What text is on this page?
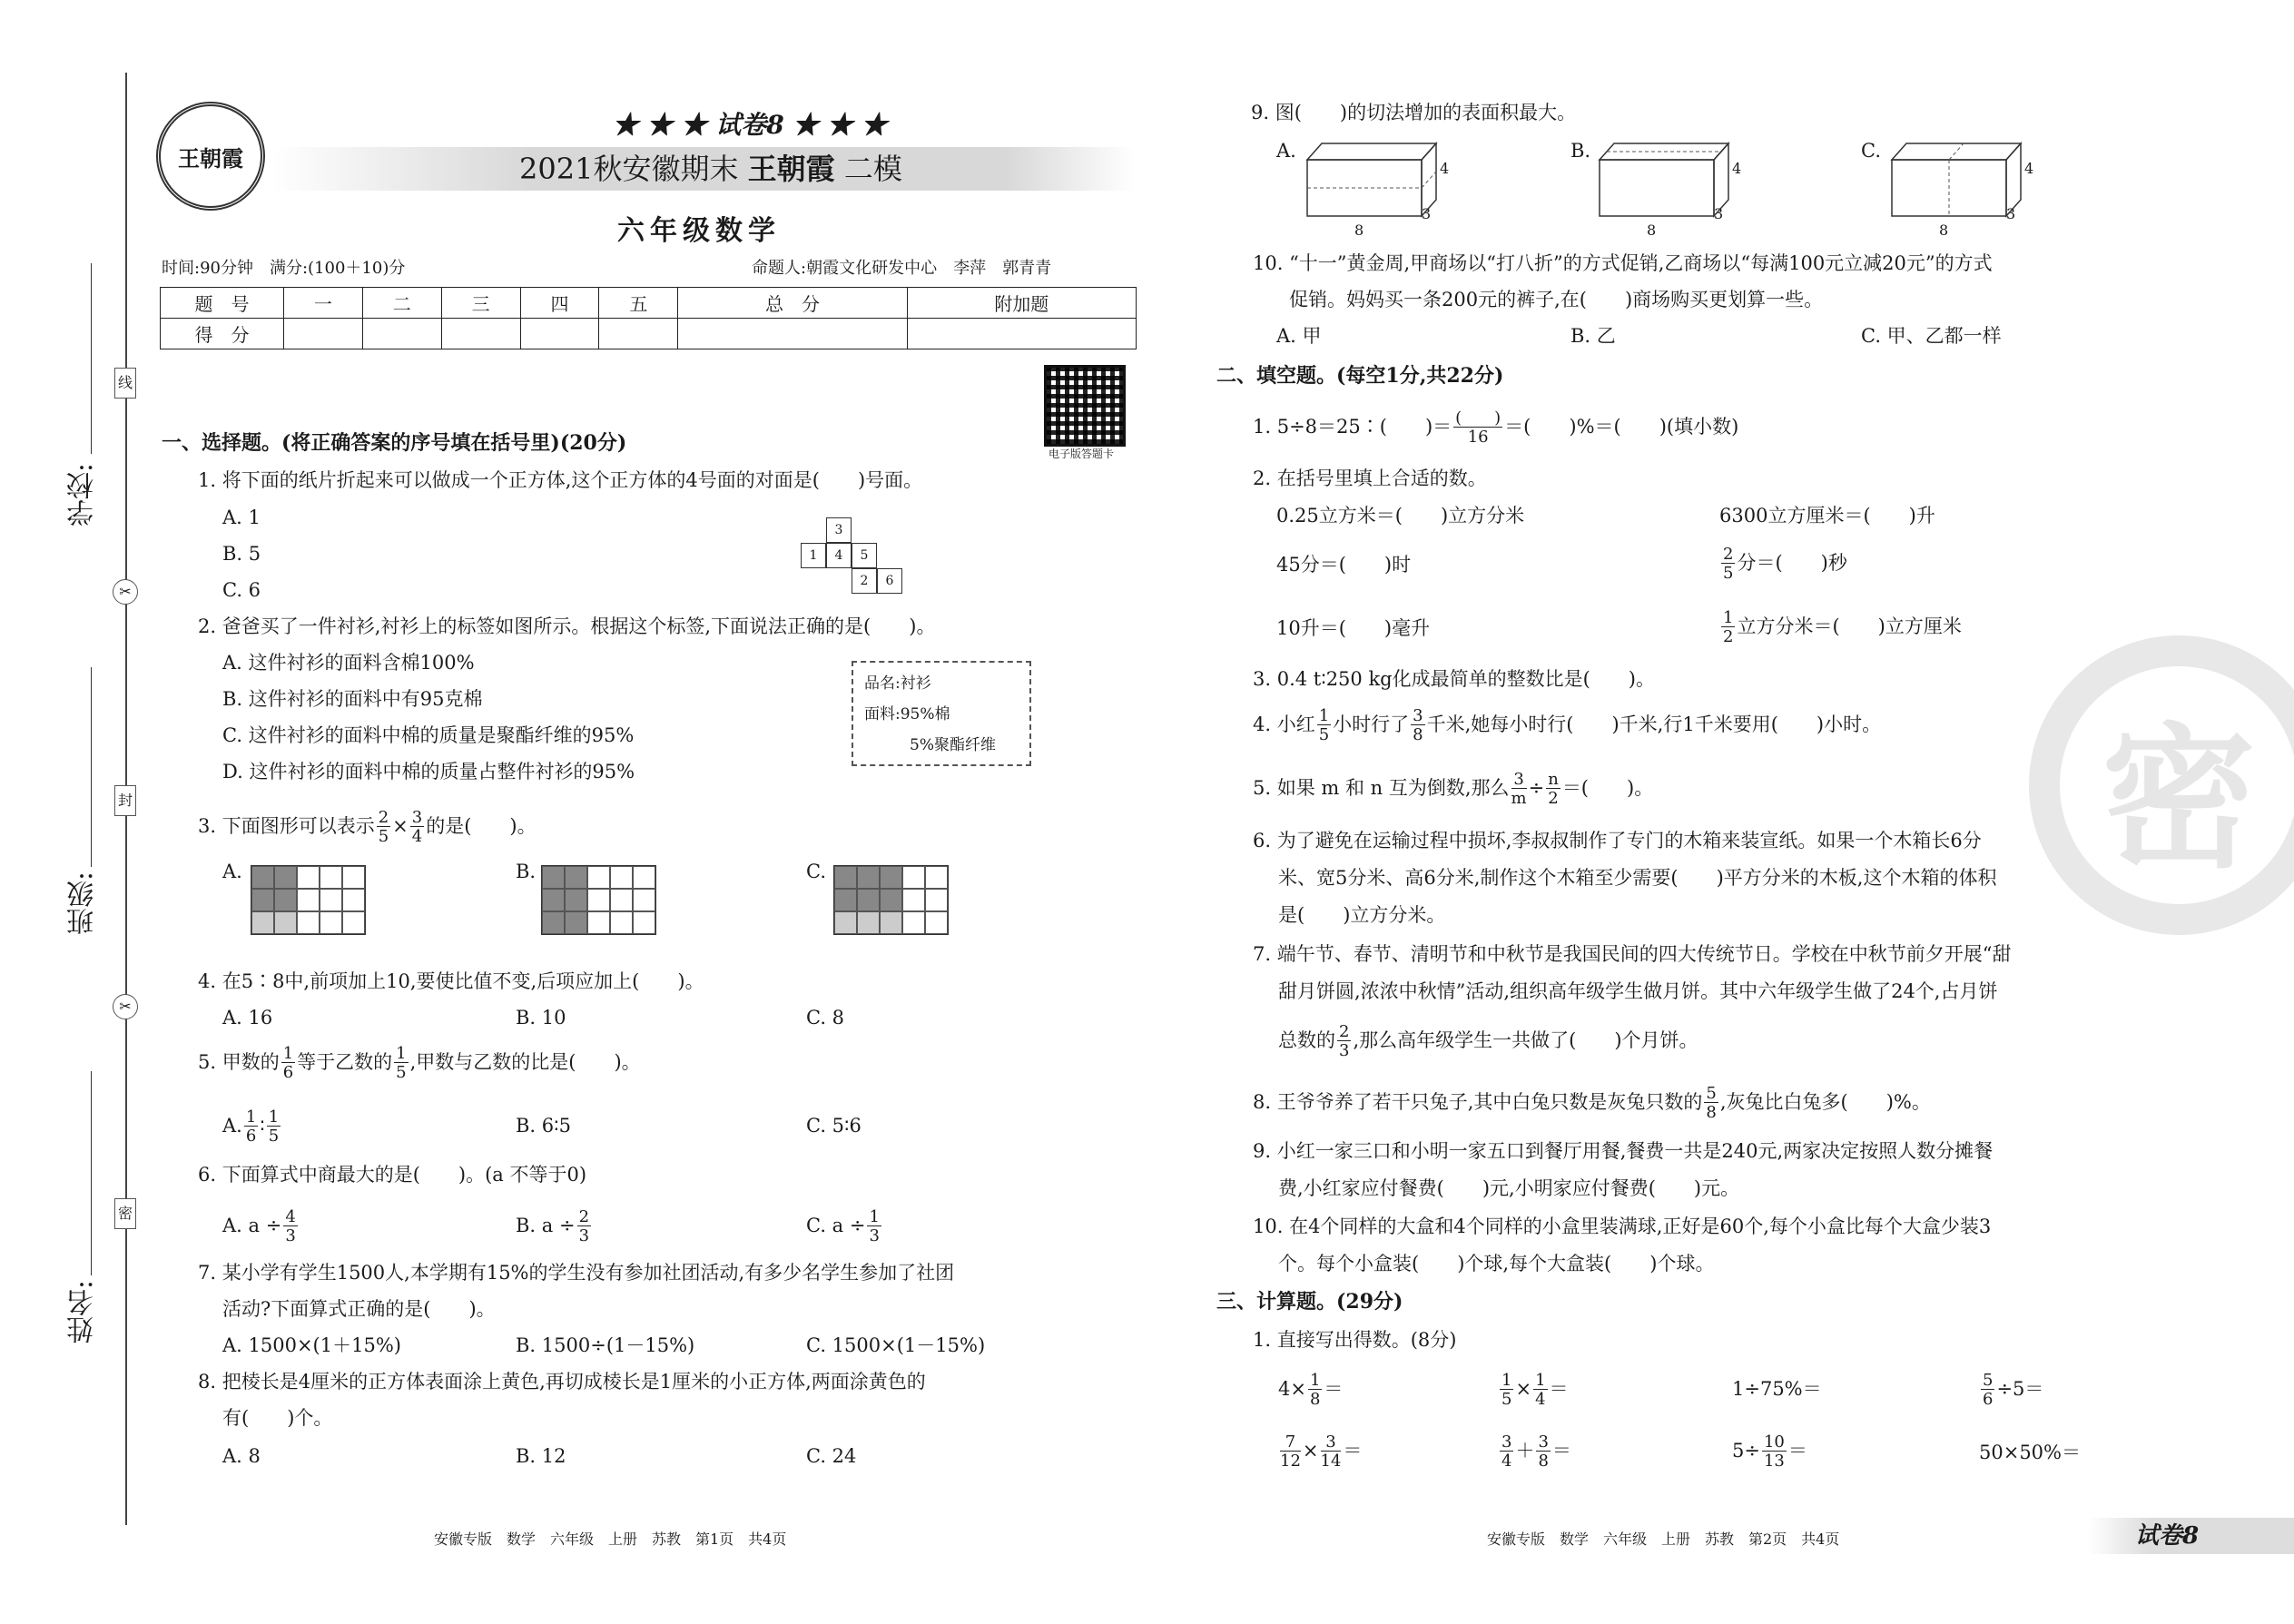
线
封
密
✂
✂
学校:
班级:
姓名:
王朝霞
★ ★ ★ 试卷8 ★ ★ ★
2021秋安徽期末 王朝霞 二模
六年级数学
时间:90分钟　满分:(100＋10)分	命题人:朝霞文化研发中心　李萍　郭青青
题　号	一	二	三	四	五	总　分	附加题
得　分							
电子版答题卡
一、选择题。(将正确答案的序号填在括号里)(20分)
1. 将下面的纸片折起来可以做成一个正方体,这个正方体的4号面的对面是(　　)号面。
A. 1
B. 5
C. 6
3
1	4	5
2	6
2. 爸爸买了一件衬衫,衬衫上的标签如图所示。根据这个标签,下面说法正确的是(　　)。
A. 这件衬衫的面料含棉100%
B. 这件衬衫的面料中有95克棉
C. 这件衬衫的面料中棉的质量是聚酯纤维的95%
D. 这件衬衫的面料中棉的质量占整件衬衫的95%
品名:衬衫
面料:95%棉
5%聚酯纤维
3. 下面图形可以表示 $\frac{2}{5} \times \frac{3}{4}$ 的是(　　)。
A.	B.	C.
4. 在5∶8中,前项加上10,要使比值不变,后项应加上(　　)。
A. 16	B. 10	C. 8
5. 甲数的 $\frac{1}{6}$ 等于乙数的 $\frac{1}{5}$ ,甲数与乙数的比是(　　)。
A. $\frac{1}{6}$ ∶ $\frac{1}{5}$	B. 6∶5	C. 5∶6
6. 下面算式中商最大的是(　　)。(a 不等于0)
A. $a \div \frac{4}{3}$	B. $a \div \frac{2}{3}$	C. $a \div \frac{1}{3}$
7. 某小学有学生1500人,本学期有15%的学生没有参加社团活动,有多少名学生参加了社团
活动?下面算式正确的是(　　)。
A. 1500×(1＋15%)	B. 1500÷(1－15%)	C. 1500×(1－15%)
8. 把棱长是4厘米的正方体表面涂上黄色,再切成棱长是1厘米的小正方体,两面涂黄色的
有(　　)个。
A. 8	B. 12	C. 24
安徽专版　数学　六年级　上册　苏教　第1页　共4页
密
9. 图(　　)的切法增加的表面积最大。
A.	B.	C.
4
3
8
4
3
8
4
3
8
10. “十一”黄金周,甲商场以“打八折”的方式促销,乙商场以“每满100元立减20元”的方式
促销。妈妈买一条200元的裤子,在(　　)商场购买更划算一些。
A. 甲	B. 乙	C. 甲、乙都一样
二、填空题。(每空1分,共22分)
1. 5÷8＝25∶(　　)＝ (　　)
16 ＝(　　)%＝(　　)(填小数)
2. 在括号里填上合适的数。
0.25立方米＝(　　)立方分米	6300立方厘米＝(　　)升
45分＝(　　)时	$\frac{2}{5}$ 分＝(　　)秒
10升＝(　　)毫升	$\frac{1}{2}$ 立方分米＝(　　)立方厘米
3. 0.4 t∶250 kg化成最简单的整数比是(　　)。
4. 小红 $\frac{1}{5}$ 小时行了 $\frac{3}{8}$ 千米,她每小时行(　　)千米,行1千米要用(　　)小时。
5. 如果 m 和 n 互为倒数,那么 $\frac{3}{m} \div \frac{n}{2}$ ＝(　　)。
6. 为了避免在运输过程中损坏,李叔叔制作了专门的木箱来装宣纸。如果一个木箱长6分
米、宽5分米、高6分米,制作这个木箱至少需要(　　)平方分米的木板,这个木箱的体积
是(　　)立方分米。
7. 端午节、春节、清明节和中秋节是我国民间的四大传统节日。学校在中秋节前夕开展“甜
甜月饼圆,浓浓中秋情”活动,组织高年级学生做月饼。其中六年级学生做了24个,占月饼
总数的 $\frac{2}{3}$ ,那么高年级学生一共做了(　　)个月饼。
8. 王爷爷养了若干只兔子,其中白兔只数是灰兔只数的 $\frac{5}{8}$ ,灰兔比白兔多(　　)%。
9. 小红一家三口和小明一家五口到餐厅用餐,餐费一共是240元,两家决定按照人数分摊餐
费,小红家应付餐费(　　)元,小明家应付餐费(　　)元。
10. 在4个同样的大盒和4个同样的小盒里装满球,正好是60个,每个小盒比每个大盒少装3
个。每个小盒装(　　)个球,每个大盒装(　　)个球。
三、计算题。(29分)
1. 直接写出得数。(8分)
$4\times \frac{1}{8}$ ＝	$\frac{1}{5} \times \frac{1}{4}$ ＝	1÷75%＝	$\frac{5}{6} \div 5=$
$\frac{7}{12} \times \frac{3}{14}$ ＝	$\frac{3}{4} + \frac{3}{8}$ ＝	$5\div \frac{10}{13}$ ＝	50×50%＝
安徽专版　数学　六年级　上册　苏教　第2页　共4页	试卷8
